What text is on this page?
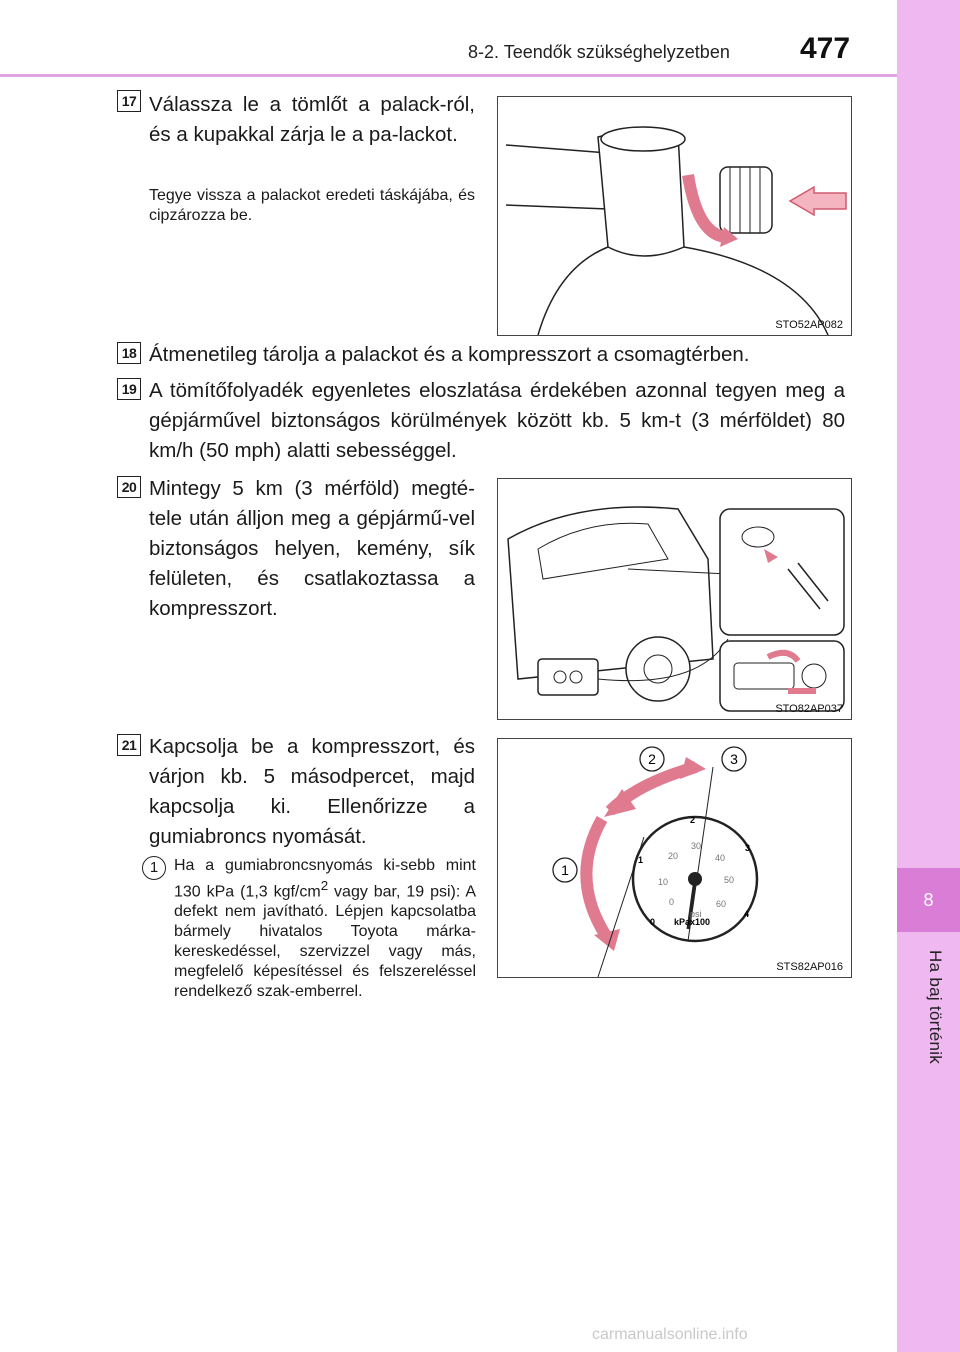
8-2. Teendők szükséghelyzetben 477
8
Ha baj történik
17 Válassza le a tömlőt a palack-ról, és a kupakkal zárja le a pa-lackot.
Tegye vissza a palackot eredeti táskájába, és cipzározza be.
STO52AP082
18 Átmenetileg tárolja a palackot és a kompresszort a csomagtérben.
19 A tömítőfolyadék egyenletes eloszlatása érdekében azonnal tegyen meg a gépjárművel biztonságos körülmények között kb. 5 km-t (3 mérföldet) 80 km/h (50 mph) alatti sebességgel.
20 Mintegy 5 km (3 mérföld) megté-tele után álljon meg a gépjármű-vel biztonságos helyen, kemény, sík felületen, és csatlakoztassa a kompresszort.
STO82AP037
21 Kapcsolja be a kompresszort, és várjon kb. 5 másodpercet, majd kapcsolja ki. Ellenőrizze a gumiabroncs nyomását.
1 Ha a gumiabroncsnyomás ki-sebb mint 130 kPa (1,3 kgf/$cm^2$ vagy bar, 19 psi): A defekt nem javítható. Lépjen kapcsolatba bármely hivatalos Toyota márka-kereskedéssel, szervizzel vagy más, megfelelő képesítéssel és felszereléssel rendelkező szak-emberrel.
1
2	3
0
1
2
3
4
0
10
20
30
40
50
60
psi
kPax100
STS82AP016
carmanualsonline.info
